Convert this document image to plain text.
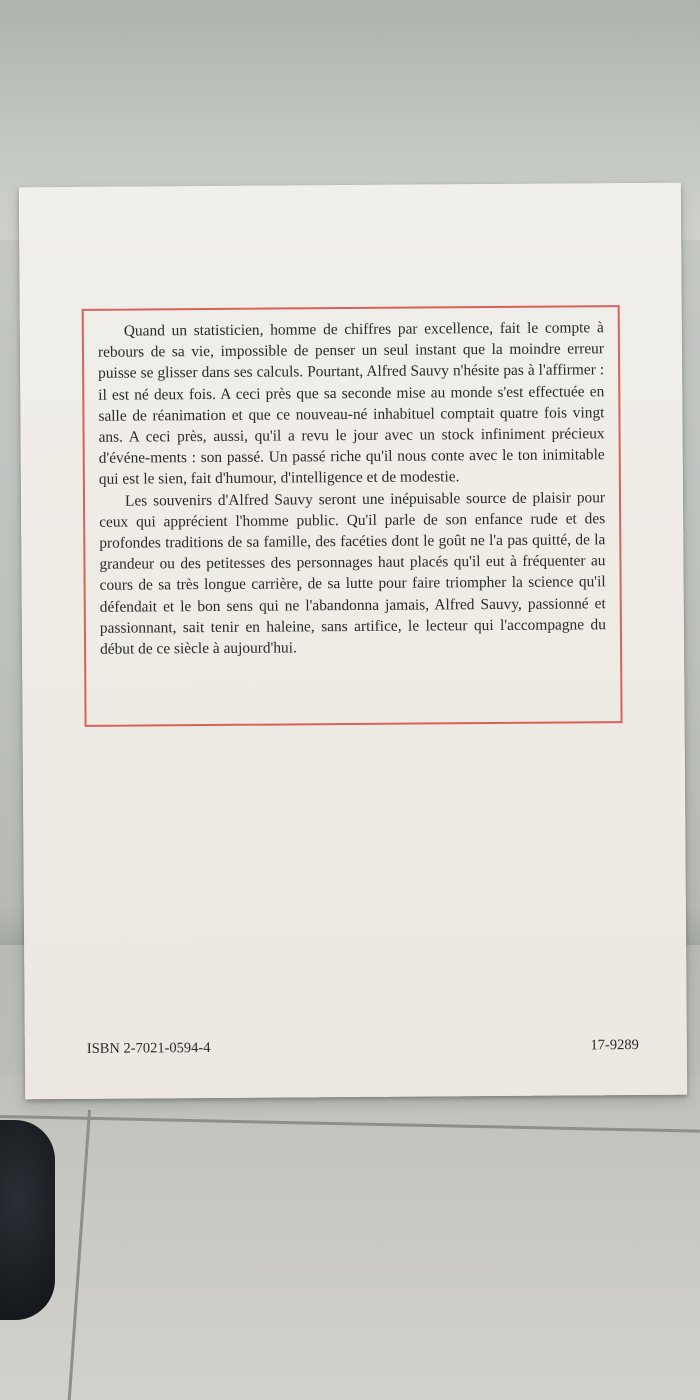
Quand un statisticien, homme de chiffres par excellence, fait le compte à rebours de sa vie, impossible de penser un seul instant que la moindre erreur puisse se glisser dans ses calculs. Pourtant, Alfred Sauvy n'hésite pas à l'affirmer : il est né deux fois. A ceci près que sa seconde mise au monde s'est effectuée en salle de réanimation et que ce nouveau-né inhabituel comptait quatre fois vingt ans. A ceci près, aussi, qu'il a revu le jour avec un stock infiniment précieux d'événe-ments : son passé. Un passé riche qu'il nous conte avec le ton inimitable qui est le sien, fait d'humour, d'intelligence et de modestie.

Les souvenirs d'Alfred Sauvy seront une inépuisable source de plaisir pour ceux qui apprécient l'homme public. Qu'il parle de son enfance rude et des profondes traditions de sa famille, des facéties dont le goût ne l'a pas quitté, de la grandeur ou des petitesses des personnages haut placés qu'il eut à fréquenter au cours de sa très longue carrière, de sa lutte pour faire triompher la science qu'il défendait et le bon sens qui ne l'abandonna jamais, Alfred Sauvy, passionné et passionnant, sait tenir en haleine, sans artifice, le lecteur qui l'accompagne du début de ce siècle à aujourd'hui.

ISBN 2-7021-0594-4	17-9289
